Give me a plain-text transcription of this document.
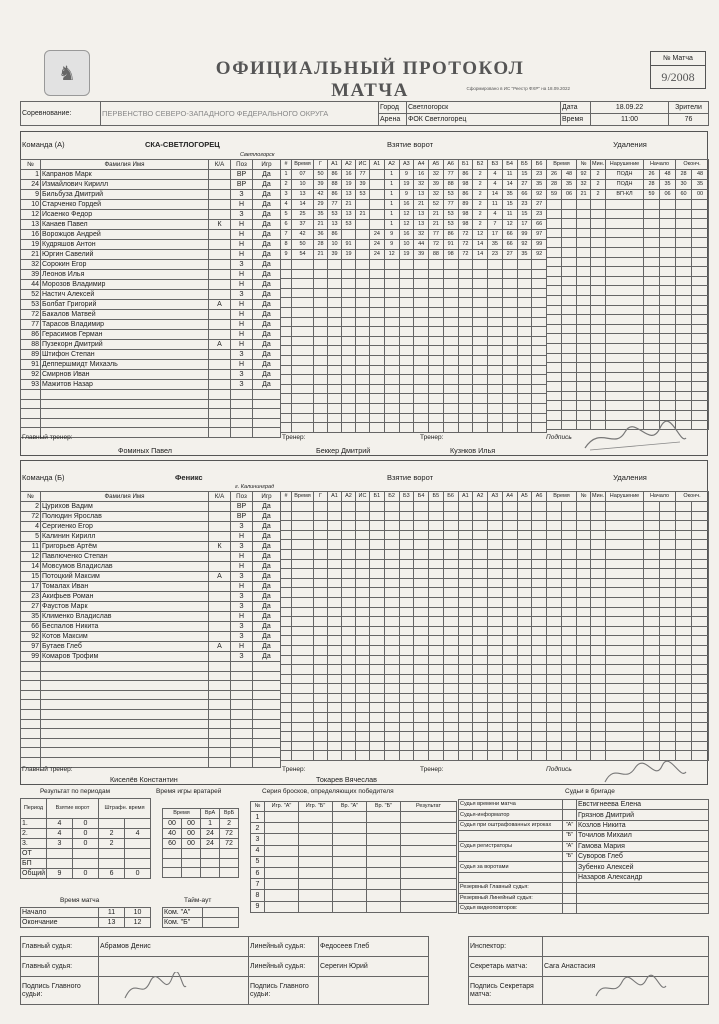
♞	ОФИЦИАЛЬНЫЙ ПРОТОКОЛ МАТЧА	Сформировано в ИС "Реестр ФХР" на 18.09.2022
№ Матча
9/2008
Соревнование:	ПЕРВЕНСТВО СЕВЕРО-ЗАПАДНОГО ФЕДЕРАЛЬНОГО ОКРУГА	Город	Светлогорск	Дата	18.09.22	Зрители
		Арена	ФОК Светлогорец	Время	11:00	76
Команда (А)	СКА-СВЕТЛОГОРЕЦ
Светлогорск
Взятие ворот	Удаления
№	Фамилия Имя	К/А	Поз	Игр
1	Капранов Марк		ВР	Да
24	Измайлович Кирилл		ВР	Да
9	Бильбуза Дмитрий		З	Да
10	Старченко Гордей		Н	Да
12	Исаенко Федор		З	Да
13	Канаев Павел	К	Н	Да
16	Ворожцов Андрей		Н	Да
19	Кудряшов Антон		Н	Да
21	Юргин Савелий		Н	Да
32	Сорокин Егор		З	Да
39	Леонов Илья		Н	Да
44	Морозов Владимир		Н	Да
52	Настич Алексей		З	Да
53	Болбат Григорий	А	Н	Да
72	Бакалов Матвей		Н	Да
77	Тарасов Владимир		Н	Да
86	Герасимов Герман		Н	Да
88	Пузекорн Дмитрий	А	Н	Да
89	Штифон Степан		З	Да
91	Деппершмидт Михаэль		Н	Да
92	Смирнов Иван		З	Да
93	Мажитов Назар		З	Да

#	Время	Г	А1	А2	ИС	А1	А2	А3	А4	А5	А6	Б1	Б2	Б3	Б4	Б5	Б6
1	07	50	86	16	77		1	9	16	32	77	86	2	4	11	15	23
2	10	39	88	19	39		1	19	32	39	88	98	2	4	14	27	35
3	13	42	86	13	53		1	9	13	32	53	86	2	14	35	66	92
4	14	29	77	21			1	16	21	52	77	89	2	11	15	23	27
5	25	35	53	13	21		1	12	13	21	53	98	2	4	11	15	23
6	37	21	13	53			1	12	13	21	53	98	2	7	12	17	66
7	42	36	86			24	9	16	32	77	86	72	12	17	66	99	97
8	50	28	10	91		24	9	10	44	72	91	72	14	35	66	92	99
9	54	21	39	19		24	12	19	39	88	98	72	14	23	27	35	92

Время		№	Мин.	Нарушение	Начало		Оконч.	
26	48	92	2	ПОДН	26	48	28	48
28	35	32	2	ПОДН	28	35	30	35
59	06	21	2	ВП-КЛ	59	06	60	00

Главный тренер:
Фоминых Павел
Тренер:
Беккер Дмитрий
Тренер:
Кузнков Илья
Подпись
Команда (Б)	Феникс
г. Калининград
Взятие ворот	Удаления
№	Фамилия Имя	К/А	Поз	Игр
2	Цурихов Вадим		ВР	Да
72	Полюдин Ярослав		ВР	Да
4	Сергиенко Егор		З	Да
5	Калинин Кирилл		Н	Да
11	Григорьев Артём	К	З	Да
12	Павлюченко Степан		Н	Да
14	Мовсумов Владислав		Н	Да
15	Потоцкий Максим	А	З	Да
17	Томалах Иван		Н	Да
23	Акифьев Роман		З	Да
27	Фаустов Марк		З	Да
35	Клименко Владислав		Н	Да
66	Беспалов Никита		З	Да
92	Котов Максим		З	Да
97	Бутаев Глеб	А	Н	Да
99	Комаров Трофим		З	Да

#	Время	Г	А1	А2	ИС	Б1	Б2	Б3	Б4	Б5	Б6	А1	А2	А3	А4	А5	А6

																	Время		№	Мин.	Нарушение	Начало		Оконч.	

Главный тренер:
Киселёв Константин
Тренер:
Токарев Вячеслав
Тренер:	Подпись
Результат по периодам
Период	Взятие ворот		Штрафн. время	
1.	4	0		
2.	4	0	2	4
3.	3	0	2	
ОТ				
БП				
Общий	9	0	6	0
Время игры вратарей
Время		ВрА	ВрБ
00	00	1	2
40	00	24	72
60	00	24	72

Серия бросков, определяющих победителя
№	Игр. "А"	Игр. "Б"	Вр. "А"	Вр. "Б"	Результат
1					
2					
3					
4					
5					
6					
7					
8					
9					
Время матча
Начало	11	10
Окончание	13	12
Тайм-аут
Ком. "А"	
Ком. "Б"	
Судьи в бригаде
Судья времени матча		Евстигнеева Елена
Судья-информатор		Грязнов Дмитрий
Судья при оштрафованных игроках	"А"	Козлов Никита
	"Б"	Точилов Михаил
Судья регистраторы	"А"	Гамова Мария
	"Б"	Суворов Глеб
Судья за воротами		Зубенко Алексей
		Назаров Александр
Резервный Главный судья:		
Резервный Линейный судья:		
Судья видеоповторов:		
Главный судья:	Абрамов Денис	Линейный судья:	Федосеев Глеб		Инспектор:	
Главный судья:		Линейный судья:	Серегин Юрий		Секретарь матча:	Сага Анастасия
Подпись Главного судьи:		Подпись Главного судьи:			Подпись Секретаря матча:	
